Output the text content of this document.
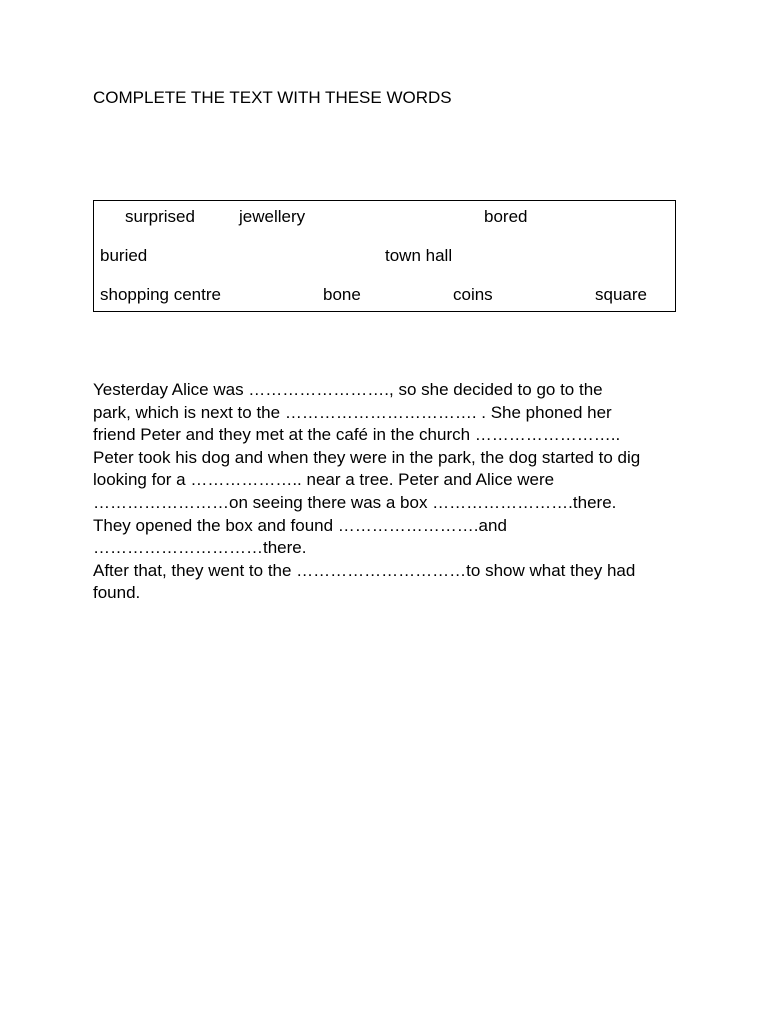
COMPLETE THE TEXT WITH THESE WORDS
surprised	jewellery	bored
buried	town hall
shopping centre	bone	coins	square
Yesterday Alice was ……………………., so she decided to go to the
park, which is next to the ……………………………. . She phoned her
friend Peter and they met at the café in the church ……………………..
Peter took his dog and when they were in the park, the dog started to dig
looking for a ……………….. near a tree. Peter and Alice were
……………………on seeing there was a box …………………….there.
They opened the box and found …………………….and
…………………………there.
After that, they went to the …………………………to show what they had
found.
